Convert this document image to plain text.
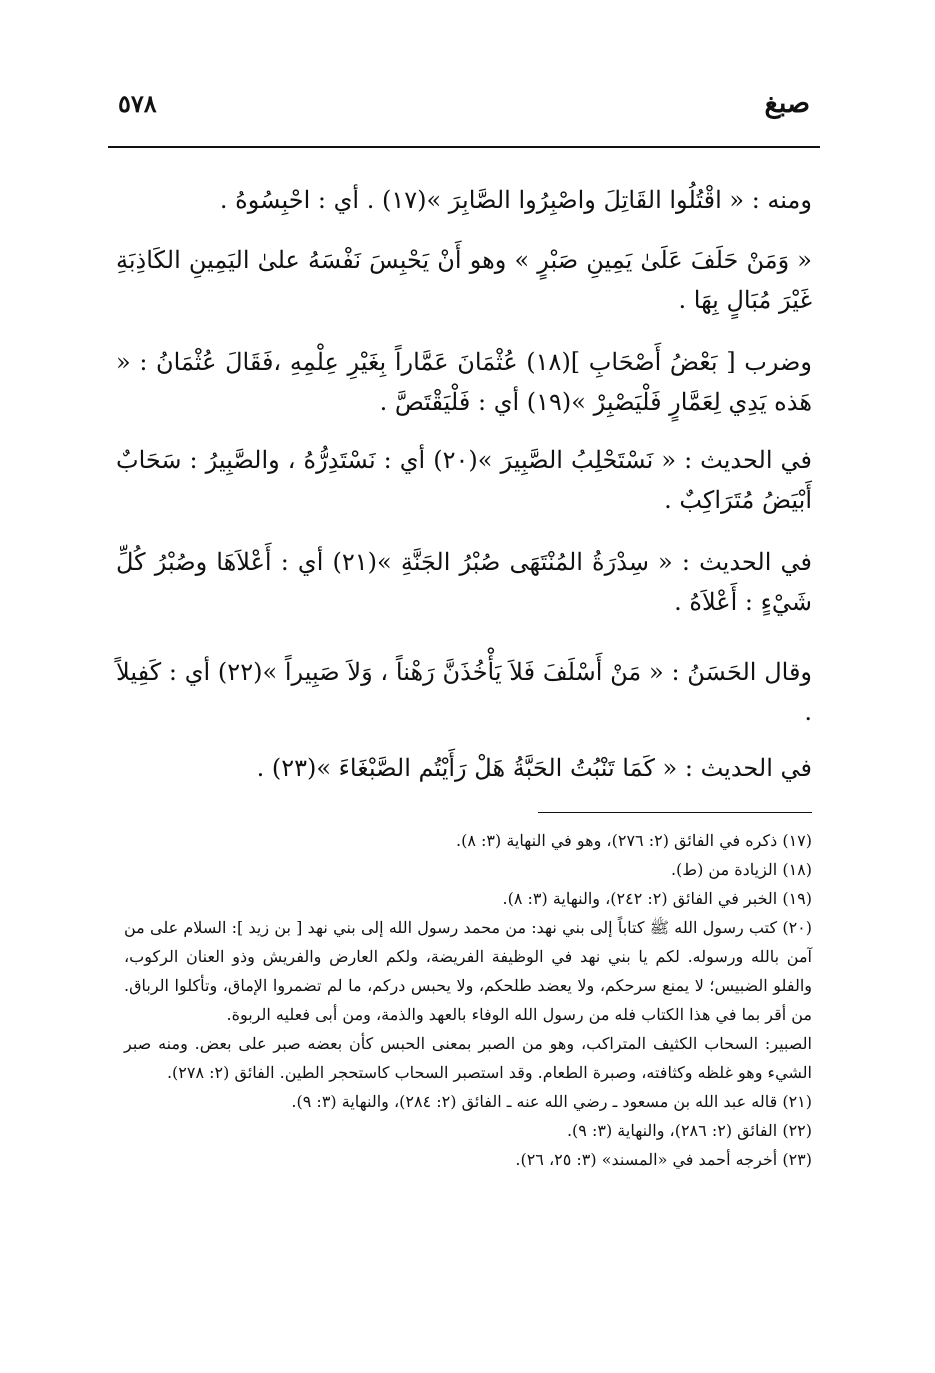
صبغ
٥٧٨

ومنه : « اقْتُلُوا القَاتِلَ واصْبِرُوا الصَّابِرَ »(١٧) . أي : احْبِسُوهُ .

« وَمَنْ حَلَفَ عَلَىٰ يَمِينِ صَبْرٍ » وهو أَنْ يَحْبِسَ نَفْسَهُ علىٰ اليَمِينِ الكَاذِبَةِ غَيْرَ مُبَالٍ بِهَا .

وضرب [ بَعْضُ أَصْحَابِ ](١٨) عُثْمَانَ عَمَّاراً بِغَيْرِ عِلْمِهِ ،فَقَالَ عُثْمَانُ : « هَذه يَدِي لِعَمَّارٍ فَلْيَصْبِرْ »(١٩) أي : فَلْيَقْتَصَّ .

في الحديث : « نَسْتَحْلِبُ الصَّبِيرَ »(٢٠) أي : نَسْتَدِرُّهُ ، والصَّبِيرُ : سَحَابٌ أَبْيَضُ مُتَرَاكِبٌ .

في الحديث : « سِدْرَةُ المُنْتَهَى صُبْرُ الجَنَّةِ »(٢١) أي : أَعْلاَهَا وصُبْرُ كُلِّ شَيْءٍ : أَعْلاَهُ .

وقال الحَسَنُ : « مَنْ أَسْلَفَ فَلاَ يَأْخُذَنَّ رَهْناً ، وَلاَ صَبِيراً »(٢٢) أي : كَفِيلاً .

في الحديث : « كَمَا تَنْبُتُ الحَبَّةُ هَلْ رَأَيْتُم الصَّبْغَاءَ »(٢٣) .

(١٧) ذكره في الفائق (٢: ٢٧٦)، وهو في النهاية (٣: ٨).

(١٨) الزيادة من (ط).

(١٩) الخبر في الفائق (٢: ٢٤٢)، والنهاية (٣: ٨).

(٢٠) كتب رسول الله ﷺ كتاباً إلى بني نهد: من محمد رسول الله إلى بني نهد [ بن زيد ]: السلام على من آمن بالله ورسوله. لكم يا بني نهد في الوظيفة الفريضة، ولكم العارض والفريش وذو العنان الركوب، والفلو الضبيس؛ لا يمنع سرحكم، ولا يعضد طلحكم، ولا يحبس دركم، ما لم تضمروا الإماق، وتأكلوا الرباق. من أقر بما في هذا الكتاب فله من رسول الله الوفاء بالعهد والذمة، ومن أبى فعليه الربوة.

الصبير: السحاب الكثيف المتراكب، وهو من الصبر بمعنى الحبس كأن بعضه صبر على بعض. ومنه صبر الشيء وهو غلظه وكثافته، وصبرة الطعام. وقد استصبر السحاب كاستحجر الطين. الفائق (٢: ٢٧٨).

(٢١) قاله عبد الله بن مسعود ـ رضي الله عنه ـ الفائق (٢: ٢٨٤)، والنهاية (٣: ٩).

(٢٢) الفائق (٢: ٢٨٦)، والنهاية (٣: ٩).

(٢٣) أخرجه أحمد في «المسند» (٣: ٢٥، ٢٦).
